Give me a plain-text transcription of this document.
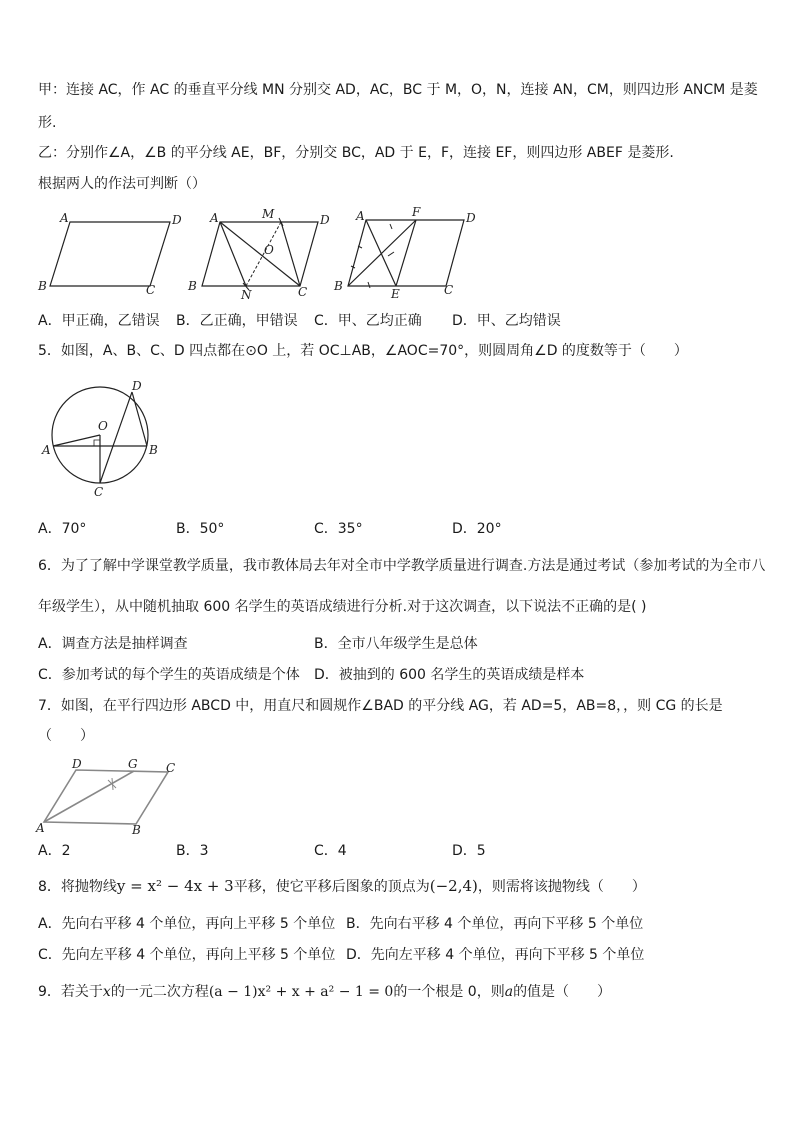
甲：连接 AC，作 AC 的垂直平分线 MN 分别交 AD，AC，BC 于 M，O，N，连接 AN，CM，则四边形 ANCM 是菱
形.
乙：分别作∠A，∠B 的平分线 AE，BF，分别交 BC，AD 于 E，F，连接 EF，则四边形 ABEF 是菱形.
根据两人的作法可判断（）
A	D
B	C
A	D
B	C
M
N
O
A	D
B	C
F
E
A．甲正确，乙错误 B．乙正确，甲错误 C．甲、乙均正确 D．甲、乙均错误
5．如图，A、B、C、D 四点都在⊙O 上，若 OC⊥AB，∠AOC=70°，则圆周角∠D 的度数等于（　　）
O
A	B
C
D
A．70°	B．50°	C．35°	D．20°
6．为了了解中学课堂教学质量，我市教体局去年对全市中学教学质量进行调查.方法是通过考试（参加考试的为全市八
年级学生），从中随机抽取 600 名学生的英语成绩进行分析.对于这次调查，以下说法不正确的是( )
A．调查方法是抽样调查	B．全市八年级学生是总体
C．参加考试的每个学生的英语成绩是个体 D．被抽到的 600 名学生的英语成绩是样本
7．如图，在平行四边形 ABCD 中，用直尺和圆规作∠BAD 的平分线 AG，若 AD=5，AB=8，，则 CG 的长是
（　　）
D	G C
A	B
A．2	B．3	C．4	D．5
8．将抛物线y = x² − 4x + 3平移，使它平移后图象的顶点为(−2,4)，则需将该抛物线（　　）
A．先向右平移 4 个单位，再向上平移 5 个单位 B．先向右平移 4 个单位，再向下平移 5 个单位
C．先向左平移 4 个单位，再向上平移 5 个单位 D．先向左平移 4 个单位，再向下平移 5 个单位
9．若关于x的一元二次方程(a − 1)x² + x + a² − 1 = 0的一个根是 0，则a的值是（　　）
